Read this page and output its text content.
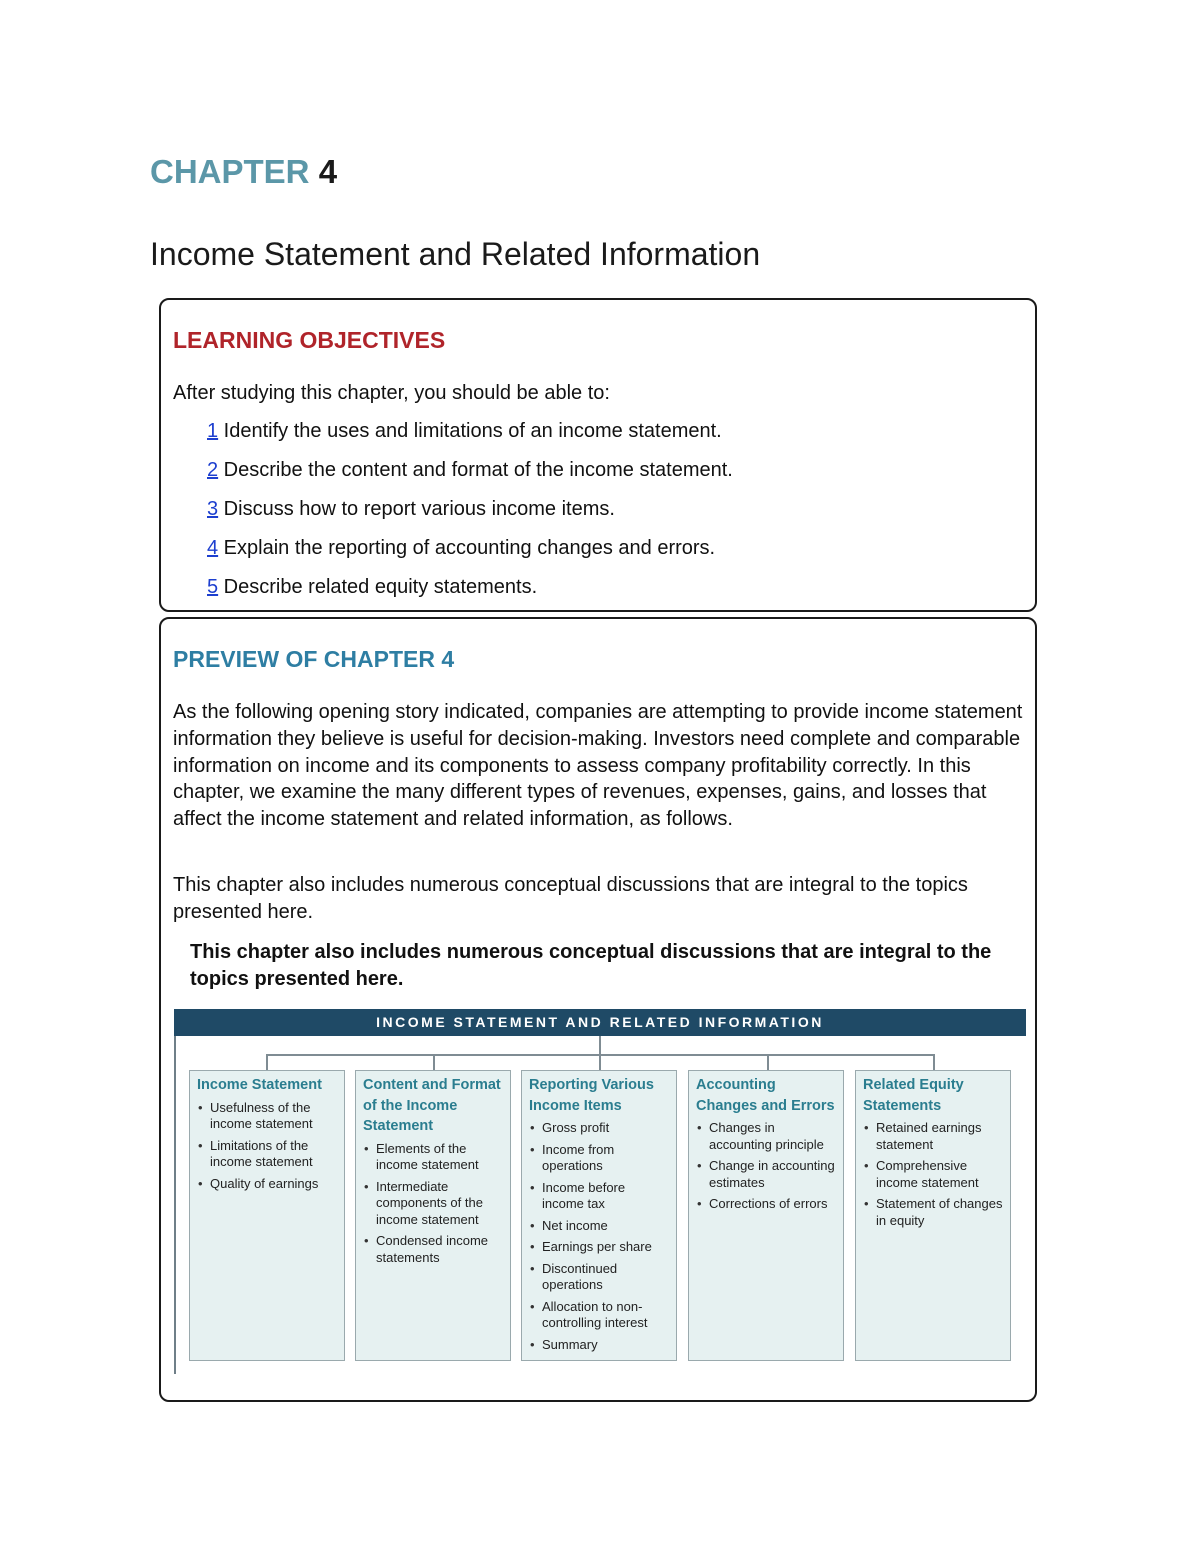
CHAPTER 4
Income Statement and Related Information
LEARNING OBJECTIVES

After studying this chapter, you should be able to:

1 Identify the uses and limitations of an income statement.
2 Describe the content and format of the income statement.
3 Discuss how to report various income items.
4 Explain the reporting of accounting changes and errors.
5 Describe related equity statements.
PREVIEW OF CHAPTER 4

As the following opening story indicated, companies are attempting to provide income statement information they believe is useful for decision-making. Investors need complete and comparable information on income and its components to assess company profitability correctly. In this chapter, we examine the many different types of revenues, expenses, gains, and losses that affect the income statement and related information, as follows.

This chapter also includes numerous conceptual discussions that are integral to the topics presented here.

This chapter also includes numerous conceptual discussions that are integral to the topics presented here.

INCOME STATEMENT AND RELATED INFORMATION

Income Statement

• Usefulness of the income statement
• Limitations of the income statement
• Quality of earnings

Content and Format of the Income Statement

• Elements of the income statement
• Intermediate components of the income statement
• Condensed income statements

Reporting Various Income Items

• Gross profit
• Income from operations
• Income before income tax
• Net income
• Earnings per share
• Discontinued operations
• Allocation to non-controlling interest
• Summary

Accounting Changes and Errors

• Changes in accounting principle
• Change in accounting estimates
• Corrections of errors

Related Equity Statements

• Retained earnings statement
• Comprehensive income statement
• Statement of changes in equity
